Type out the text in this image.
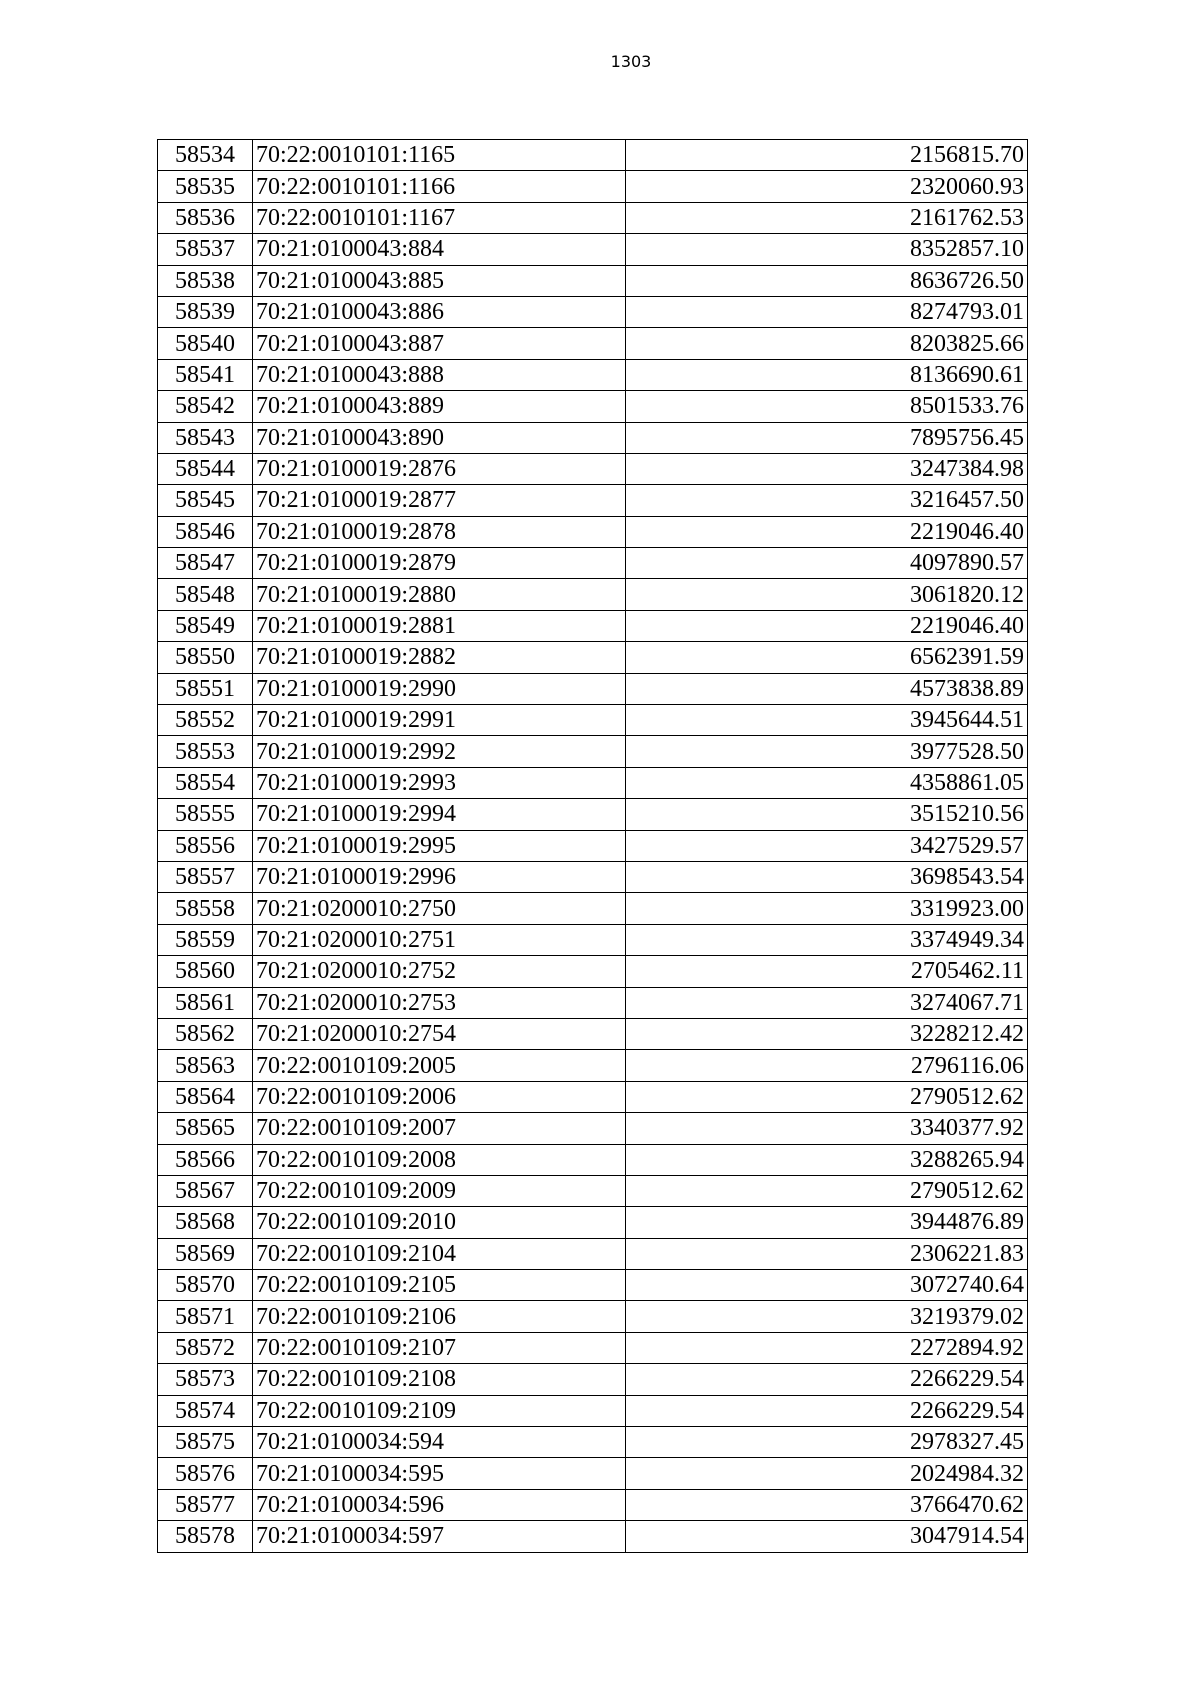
1303
58534	70:22:0010101:1165	2156815.70
58535	70:22:0010101:1166	2320060.93
58536	70:22:0010101:1167	2161762.53
58537	70:21:0100043:884	8352857.10
58538	70:21:0100043:885	8636726.50
58539	70:21:0100043:886	8274793.01
58540	70:21:0100043:887	8203825.66
58541	70:21:0100043:888	8136690.61
58542	70:21:0100043:889	8501533.76
58543	70:21:0100043:890	7895756.45
58544	70:21:0100019:2876	3247384.98
58545	70:21:0100019:2877	3216457.50
58546	70:21:0100019:2878	2219046.40
58547	70:21:0100019:2879	4097890.57
58548	70:21:0100019:2880	3061820.12
58549	70:21:0100019:2881	2219046.40
58550	70:21:0100019:2882	6562391.59
58551	70:21:0100019:2990	4573838.89
58552	70:21:0100019:2991	3945644.51
58553	70:21:0100019:2992	3977528.50
58554	70:21:0100019:2993	4358861.05
58555	70:21:0100019:2994	3515210.56
58556	70:21:0100019:2995	3427529.57
58557	70:21:0100019:2996	3698543.54
58558	70:21:0200010:2750	3319923.00
58559	70:21:0200010:2751	3374949.34
58560	70:21:0200010:2752	2705462.11
58561	70:21:0200010:2753	3274067.71
58562	70:21:0200010:2754	3228212.42
58563	70:22:0010109:2005	2796116.06
58564	70:22:0010109:2006	2790512.62
58565	70:22:0010109:2007	3340377.92
58566	70:22:0010109:2008	3288265.94
58567	70:22:0010109:2009	2790512.62
58568	70:22:0010109:2010	3944876.89
58569	70:22:0010109:2104	2306221.83
58570	70:22:0010109:2105	3072740.64
58571	70:22:0010109:2106	3219379.02
58572	70:22:0010109:2107	2272894.92
58573	70:22:0010109:2108	2266229.54
58574	70:22:0010109:2109	2266229.54
58575	70:21:0100034:594	2978327.45
58576	70:21:0100034:595	2024984.32
58577	70:21:0100034:596	3766470.62
58578	70:21:0100034:597	3047914.54
